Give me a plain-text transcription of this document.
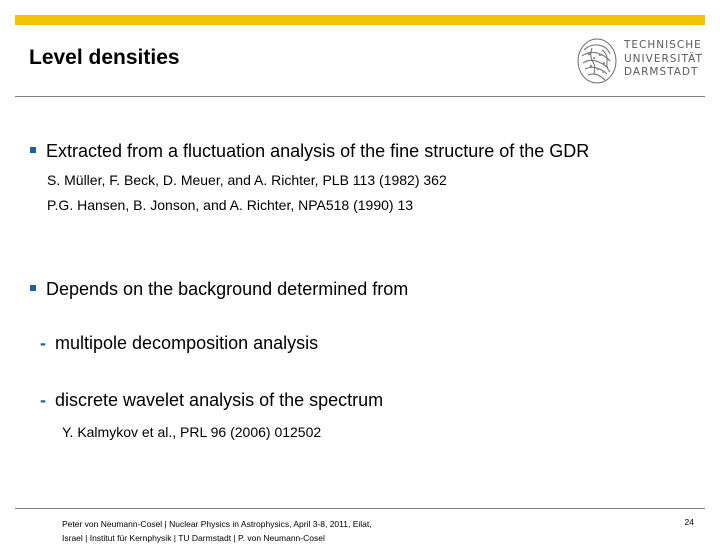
Level densities
TECHNISCHE
UNIVERSITÄT
DARMSTADT
Extracted from a fluctuation analysis of the fine structure of the GDR
S. Müller, F. Beck, D. Meuer, and A. Richter, PLB 113 (1982) 362
P.G. Hansen, B. Jonson, and A. Richter, NPA518 (1990) 13
Depends on the background determined from
- multipole decomposition analysis
- discrete wavelet analysis of the spectrum
Y. Kalmykov et al., PRL 96 (2006) 012502
Peter von Neumann-Cosel | Nuclear Physics in Astrophysics, April 3-8, 2011, Eilat,
Israel | Institut für Kernphysik | TU Darmstadt | P. von Neumann-Cosel
24
